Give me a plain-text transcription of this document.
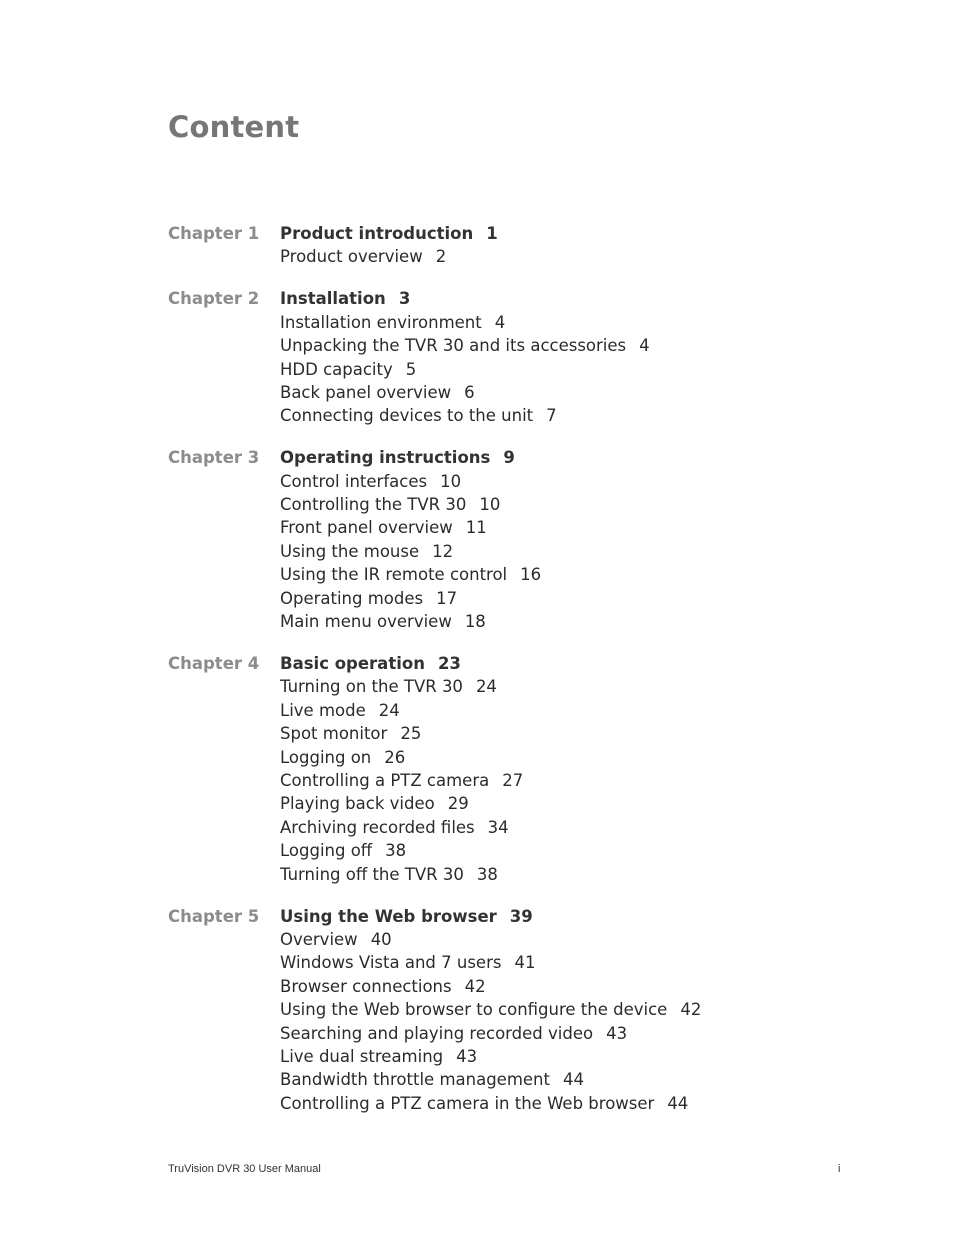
Content
Chapter 1 Product introduction 1
Product overview 2
Chapter 2 Installation 3
Installation environment 4
Unpacking the TVR 30 and its accessories 4
HDD capacity 5
Back panel overview 6
Connecting devices to the unit 7
Chapter 3 Operating instructions 9
Control interfaces 10
Controlling the TVR 30 10
Front panel overview 11
Using the mouse 12
Using the IR remote control 16
Operating modes 17
Main menu overview 18
Chapter 4 Basic operation 23
Turning on the TVR 30 24
Live mode 24
Spot monitor 25
Logging on 26
Controlling a PTZ camera 27
Playing back video 29
Archiving recorded files 34
Logging off 38
Turning off the TVR 30 38
Chapter 5 Using the Web browser 39
Overview 40
Windows Vista and 7 users 41
Browser connections 42
Using the Web browser to configure the device 42
Searching and playing recorded video 43
Live dual streaming 43
Bandwidth throttle management 44
Controlling a PTZ camera in the Web browser 44
TruVision DVR 30 User Manual	i
